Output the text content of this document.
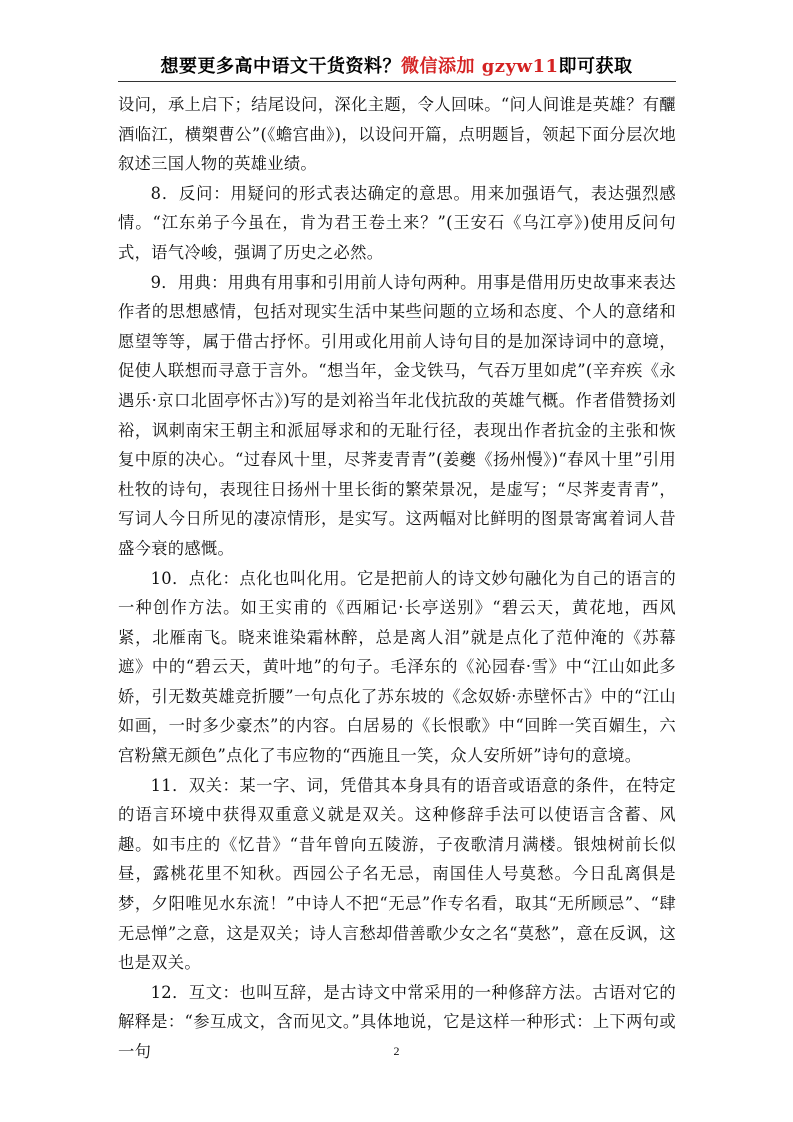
想要更多高中语文干货资料？微信添加 gzyw11即可获取

设问，承上启下；结尾设问，深化主题，令人回味。“问人间谁是英雄？有釃酒临江，横槊曹公”(《蟾宫曲》)，以设问开篇，点明题旨，领起下面分层次地叙述三国人物的英雄业绩。

8．反问：用疑问的形式表达确定的意思。用来加强语气，表达强烈感情。“江东弟子今虽在，肯为君王卷土来？”(王安石《乌江亭》)使用反问句式，语气冷峻，强调了历史之必然。

9．用典：用典有用事和引用前人诗句两种。用事是借用历史故事来表达作者的思想感情，包括对现实生活中某些问题的立场和态度、个人的意绪和愿望等等，属于借古抒怀。引用或化用前人诗句目的是加深诗词中的意境，促使人联想而寻意于言外。“想当年，金戈铁马，气吞万里如虎”(辛弃疾《永遇乐·京口北固亭怀古》)写的是刘裕当年北伐抗敌的英雄气概。作者借赞扬刘裕，讽刺南宋王朝主和派屈辱求和的无耻行径，表现出作者抗金的主张和恢复中原的决心。“过春风十里，尽荠麦青青”(姜夔《扬州慢》)“春风十里”引用杜牧的诗句，表现往日扬州十里长街的繁荣景况，是虚写；“尽荠麦青青”，写词人今日所见的凄凉情形，是实写。这两幅对比鲜明的图景寄寓着词人昔盛今衰的感慨。

10．点化：点化也叫化用。它是把前人的诗文妙句融化为自己的语言的一种创作方法。如王实甫的《西厢记·长亭送别》“碧云天，黄花地，西风紧，北雁南飞。晓来谁染霜林醉，总是离人泪”就是点化了范仲淹的《苏幕遮》中的“碧云天，黄叶地”的句子。毛泽东的《沁园春·雪》中“江山如此多娇，引无数英雄竞折腰”一句点化了苏东坡的《念奴娇·赤壁怀古》中的“江山如画，一时多少豪杰”的内容。白居易的《长恨歌》中“回眸一笑百媚生，六宫粉黛无颜色”点化了韦应物的“西施且一笑，众人安所妍”诗句的意境。

11．双关：某一字、词，凭借其本身具有的语音或语意的条件，在特定的语言环境中获得双重意义就是双关。这种修辞手法可以使语言含蓄、风趣。如韦庄的《忆昔》“昔年曾向五陵游，子夜歌清月满楼。银烛树前长似昼，露桃花里不知秋。西园公子名无忌，南国佳人号莫愁。今日乱离俱是梦，夕阳唯见水东流！”中诗人不把“无忌”作专名看，取其“无所顾忌”、“肆无忌惮”之意，这是双关；诗人言愁却借善歌少女之名“莫愁”，意在反讽，这也是双关。

12．互文：也叫互辞，是古诗文中常采用的一种修辞方法。古语对它的解释是：“参互成文，含而见文。”具体地说，它是这样一种形式：上下两句或一句	2
